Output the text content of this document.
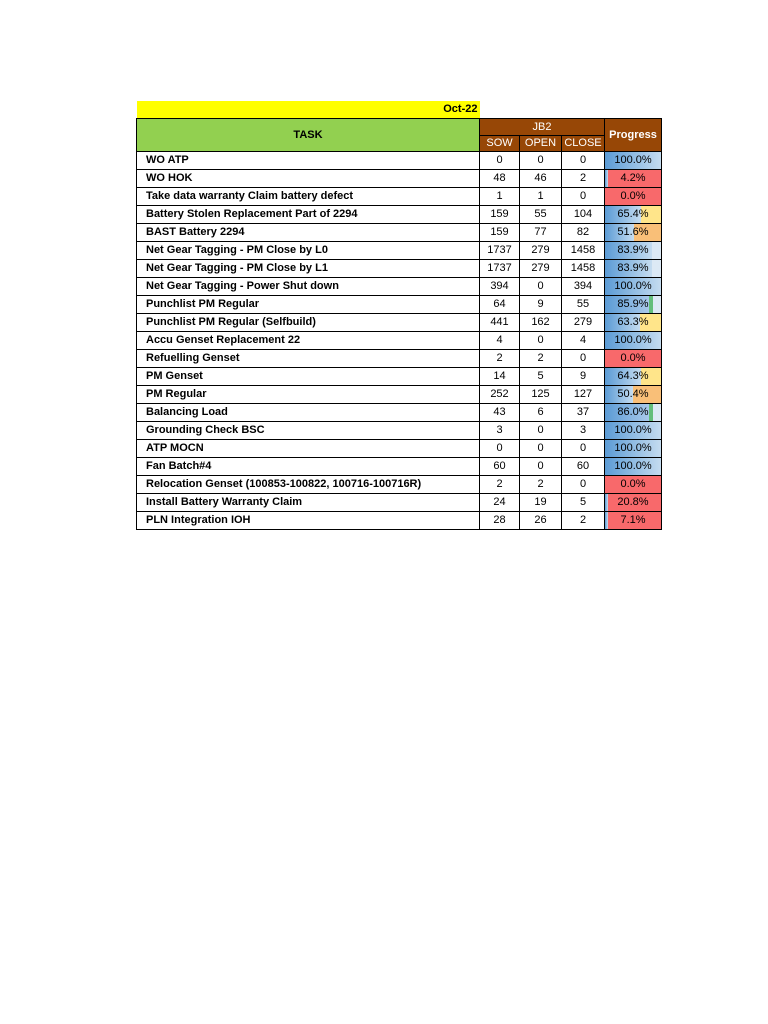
Oct-22				
TASK	JB2			Progress
	SOW	OPEN	CLOSE	
WO ATP	0	0	0	100.0%
WO HOK	48	46	2	4.2%
Take data warranty Claim battery defect	1	1	0	0.0%
Battery Stolen Replacement Part of 2294	159	55	104	65.4%
BAST Battery 2294	159	77	82	51.6%
Net Gear Tagging - PM Close by L0	1737	279	1458	83.9%
Net Gear Tagging - PM Close by L1	1737	279	1458	83.9%
Net Gear Tagging - Power Shut down	394	0	394	100.0%
Punchlist PM Regular	64	9	55	85.9%
Punchlist PM Regular (Selfbuild)	441	162	279	63.3%
Accu Genset Replacement 22	4	0	4	100.0%
Refuelling Genset	2	2	0	0.0%
PM Genset	14	5	9	64.3%
PM Regular	252	125	127	50.4%
Balancing Load	43	6	37	86.0%
Grounding Check BSC	3	0	3	100.0%
ATP MOCN	0	0	0	100.0%
Fan Batch#4	60	0	60	100.0%
Relocation Genset (100853-100822, 100716-100716R)	2	2	0	0.0%
Install Battery Warranty Claim	24	19	5	20.8%
PLN Integration IOH	28	26	2	7.1%
